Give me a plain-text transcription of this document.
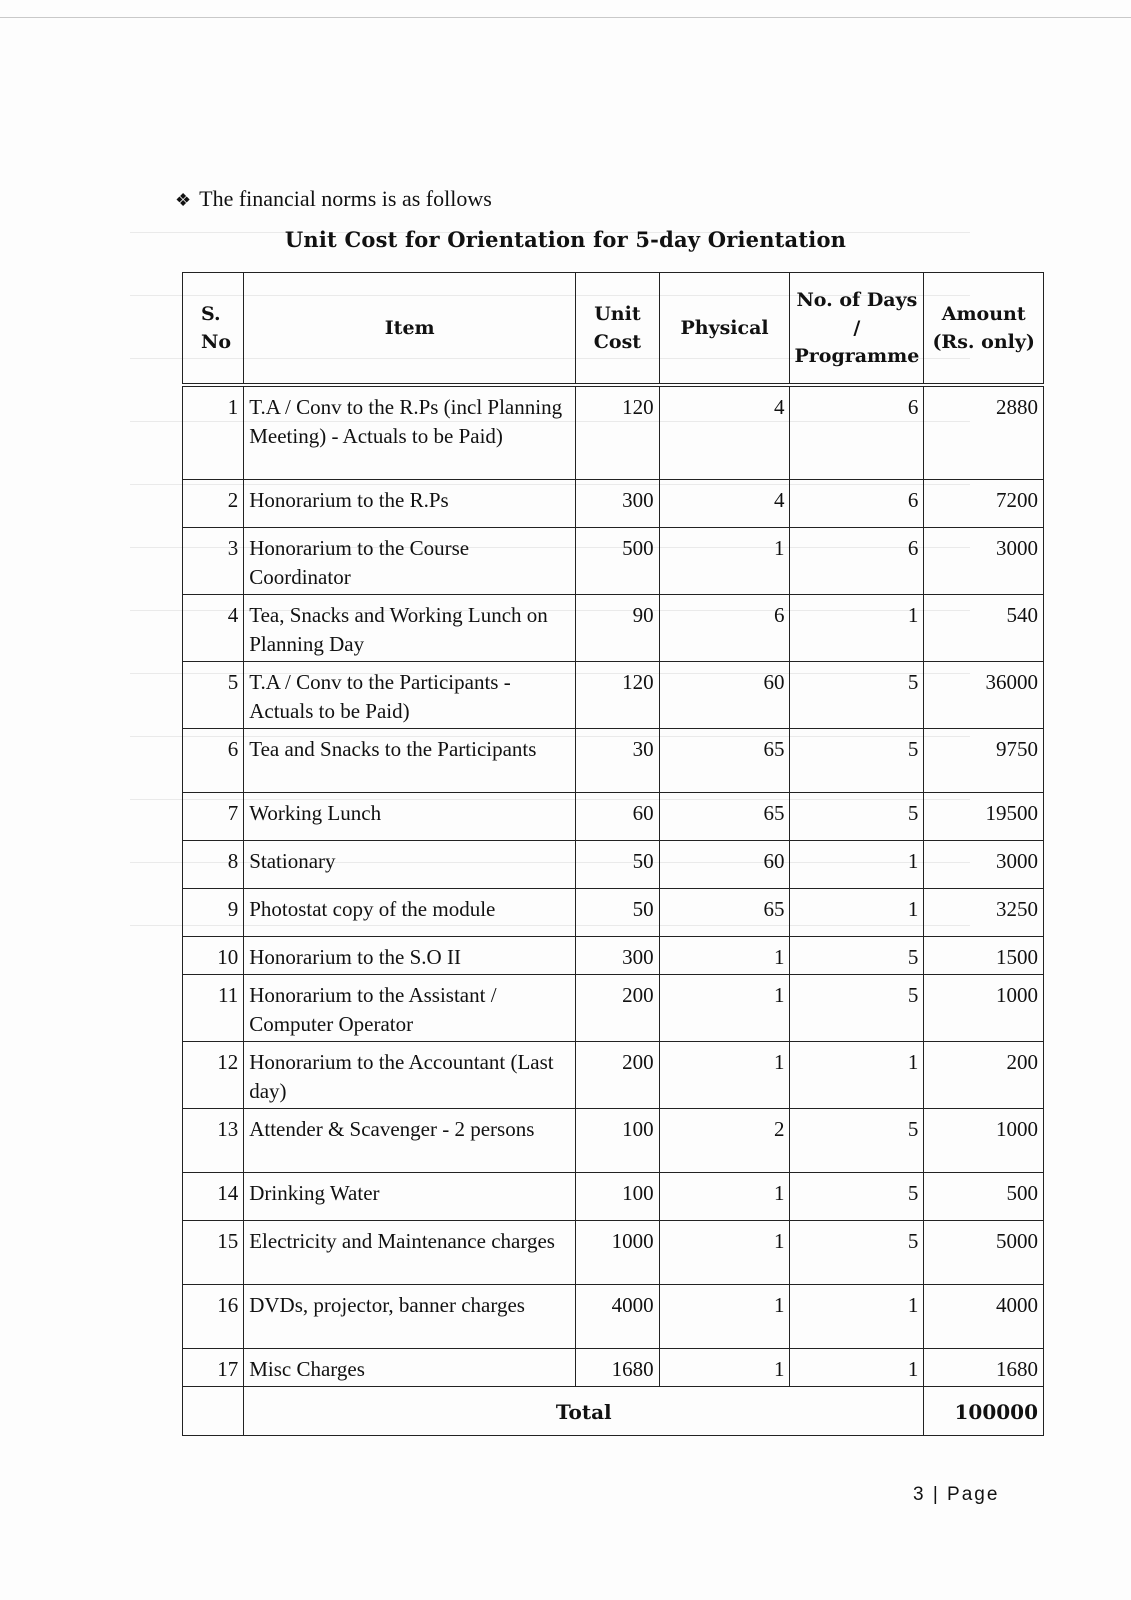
❖ The financial norms is as follows
Unit Cost for Orientation for 5-day Orientation
S. No	Item	Unit Cost	Physical	No. of Days / Programme	Amount (Rs. only)
1	T.A / Conv to the R.Ps (incl Planning Meeting) - Actuals to be Paid)	120	4	6	2880
2	Honorarium to the R.Ps	300	4	6	7200
3	Honorarium to the Course Coordinator	500	1	6	3000
4	Tea, Snacks and Working Lunch on Planning Day	90	6	1	540
5	T.A / Conv to the Participants - Actuals to be Paid)	120	60	5	36000
6	Tea and Snacks to the Participants	30	65	5	9750
7	Working Lunch	60	65	5	19500
8	Stationary	50	60	1	3000
9	Photostat copy of the module	50	65	1	3250
10	Honorarium to the S.O II	300	1	5	1500
11	Honorarium to the Assistant / Computer Operator	200	1	5	1000
12	Honorarium to the Accountant (Last day)	200	1	1	200
13	Attender & Scavenger - 2 persons	100	2	5	1000
14	Drinking Water	100	1	5	500
15	Electricity and Maintenance charges	1000	1	5	5000
16	DVDs, projector, banner charges	4000	1	1	4000
17	Misc Charges	1680	1	1	1680
	Total				100000
3 | Page
